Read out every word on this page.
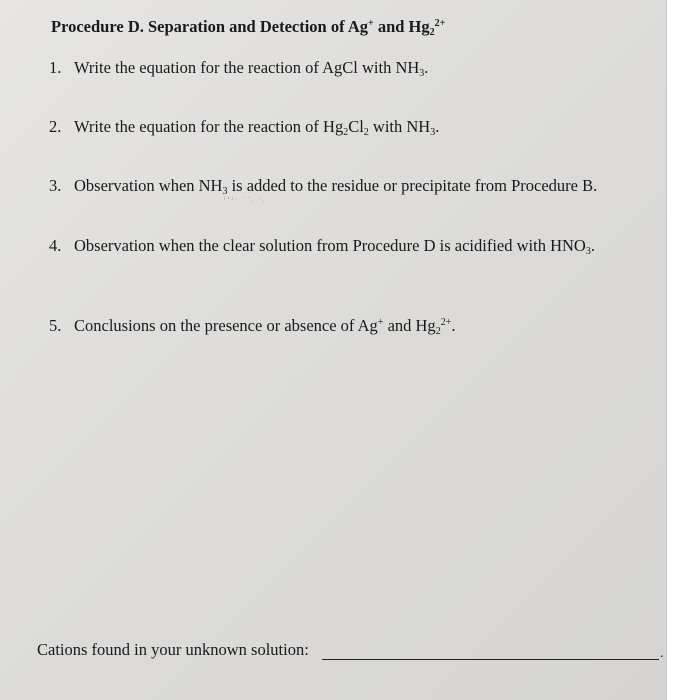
Procedure D. Separation and Detection of Ag+ and $Hg_2^{2+}$
1. Write the equation for the reaction of AgCl with $NH_3$.
2. Write the equation for the reaction of $Hg_2Cl_2$ with $NH_3$.
3. Observation when $NH_3$ is added to the residue or precipitate from Procedure B.
ⁱʼⁱˑ ˈˈ. ˑ.
4. Observation when the clear solution from Procedure D is acidified with $HNO_3$.
5. Conclusions on the presence or absence of Ag+ and $Hg_2^{2+}$.
Cations found in your unknown solution:	.
